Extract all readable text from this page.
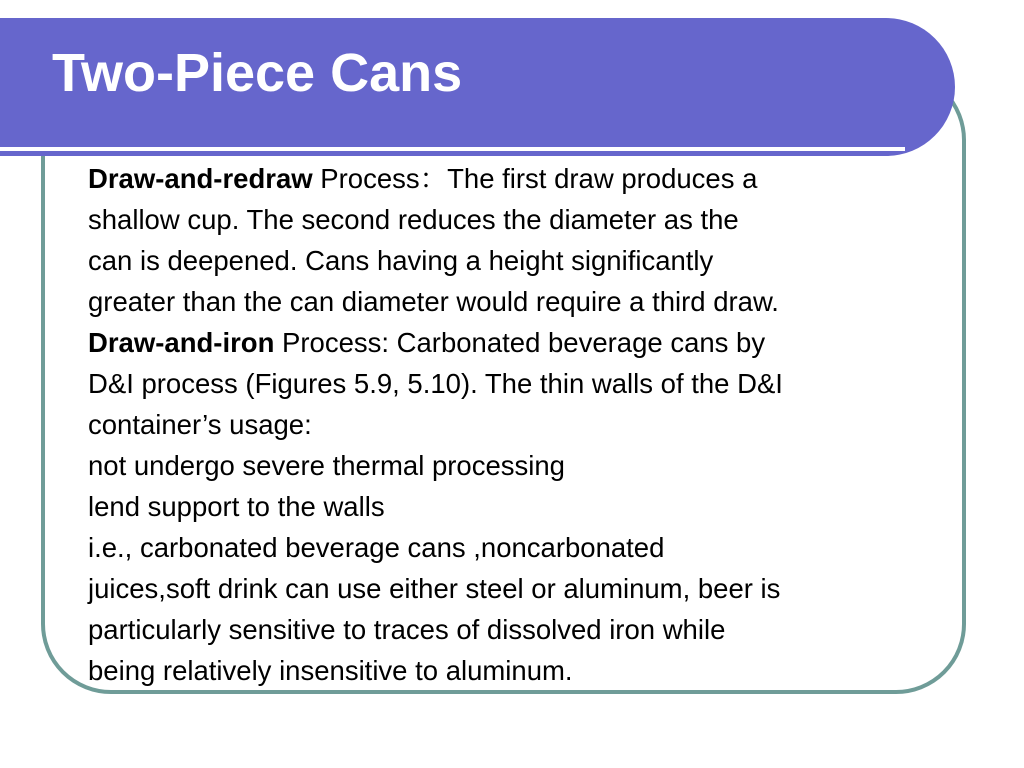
Two-Piece Cans
Draw-and-redraw Process：The first draw produces a
shallow cup. The second reduces the diameter as the
can is deepened. Cans having a height significantly
greater than the can diameter would require a third draw.
Draw-and-iron Process: Carbonated beverage cans by
D&I process (Figures 5.9, 5.10). The thin walls of the D&I
container’s usage:
not undergo severe thermal processing
lend support to the walls
i.e., carbonated beverage cans ,noncarbonated
juices,soft drink can use either steel or aluminum, beer is
particularly sensitive to traces of dissolved iron while
being relatively insensitive to aluminum.
